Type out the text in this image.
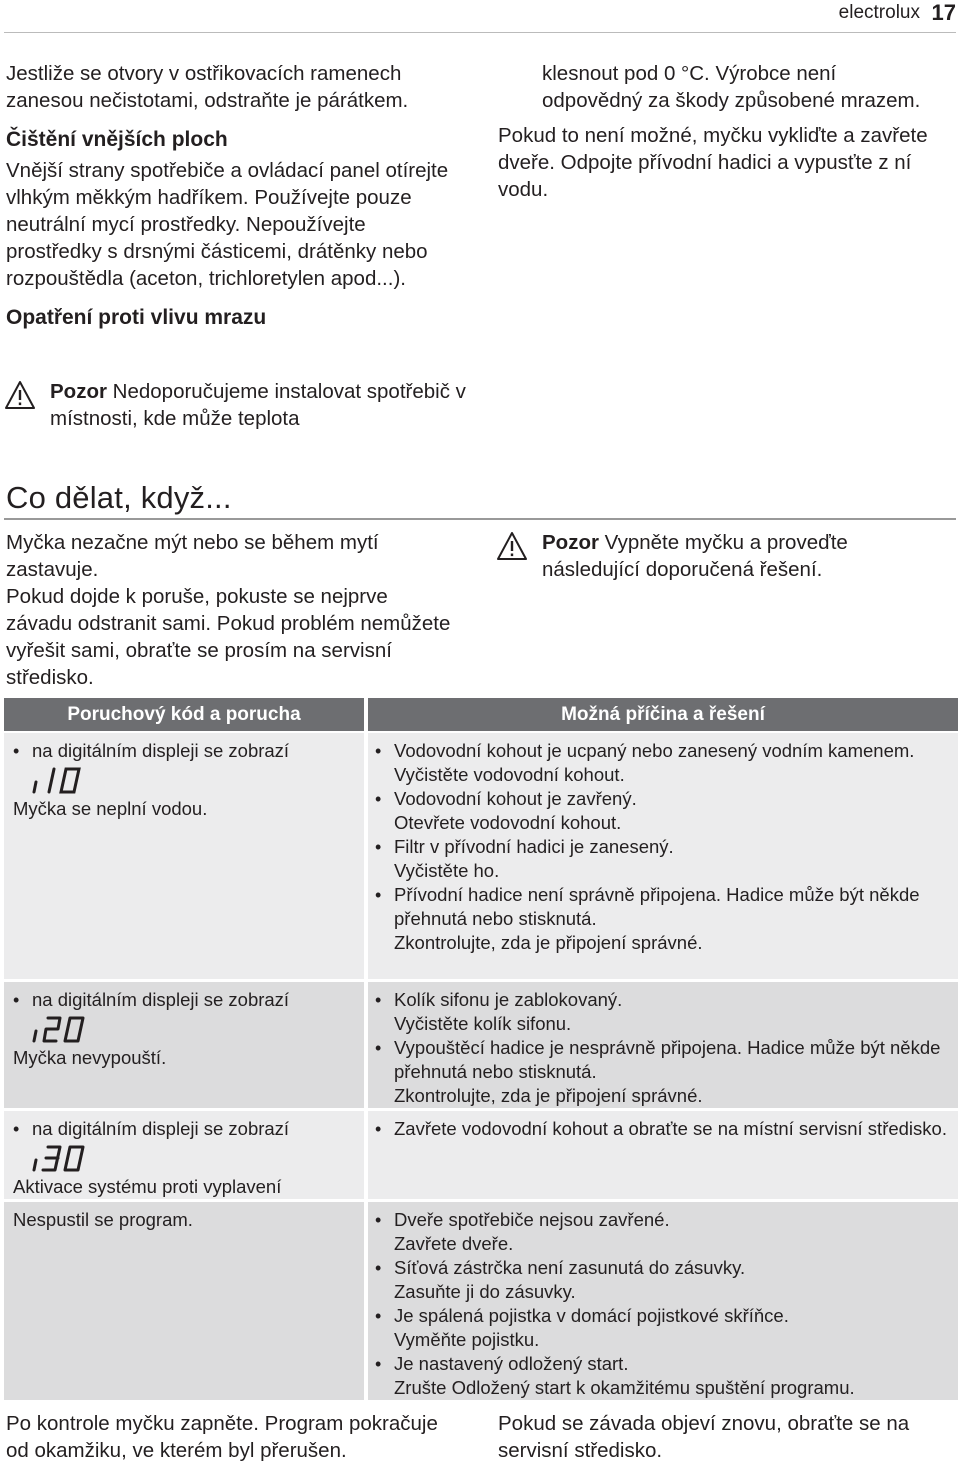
electrolux 17

Jestliže se otvory v ostřikovacích ramenech zanesou nečistotami, odstraňte je párátkem.

Čištění vnějších ploch

Vnější strany spotřebiče a ovládací panel otírejte vlhkým měkkým hadříkem. Používejte pouze neutrální mycí prostředky. Nepoužívejte prostředky s drsnými částicemi, drátěnky nebo rozpouštědla (aceton, trichloretylen apod...).

Opatření proti vlivu mrazu

Pozor Nedoporučujeme instalovat spotřebič v místnosti, kde může teplota

klesnout pod 0 °C. Výrobce není odpovědný za škody způsobené mrazem.

Pokud to není možné, myčku vykliďte a zavřete dveře. Odpojte přívodní hadici a vypusťte z ní vodu.

Co dělat, když...

Myčka nezačne mýt nebo se během mytí zastavuje.

Pokud dojde k poruše, pokuste se nejprve závadu odstranit sami. Pokud problém nemůžete vyřešit sami, obraťte se prosím na servisní středisko.

Pozor Vypněte myčku a proveďte následující doporučená řešení.
Poruchový kód a porucha	Možná příčina a řešení
• na digitálním displeji se zobrazí
Myčka se neplní vodou.
• Vodovodní kohout je ucpaný nebo zanesený vodním kamenem.
Vyčistěte vodovodní kohout.
• Vodovodní kohout je zavřený.
Otevřete vodovodní kohout.
• Filtr v přívodní hadici je zanesený.
Vyčistěte ho.
• Přívodní hadice není správně připojena. Hadice může být někde přehnutá nebo stisknutá.
Zkontrolujte, zda je připojení správné.
• na digitálním displeji se zobrazí
Myčka nevypouští.
• Kolík sifonu je zablokovaný.
Vyčistěte kolík sifonu.
• Vypouštěcí hadice je nesprávně připojena. Hadice může být někde přehnutá nebo stisknutá.
Zkontrolujte, zda je připojení správné.
• na digitálním displeji se zobrazí
Aktivace systému proti vyplavení
• Zavřete vodovodní kohout a obraťte se na místní servisní středisko.
Nespustil se program.
•	Dveře spotřebiče nejsou zavřené.
Zavřete dveře.
• Síťová zástrčka není zasunutá do zásuvky.
Zasuňte ji do zásuvky.
• Je spálená pojistka v domácí pojistkové skříňce.
Vyměňte pojistku.
• Je nastavený odložený start.
Zrušte Odložený start k okamžitému spuštění programu.
Po kontrole myčku zapněte. Program pokračuje od okamžiku, ve kterém byl přerušen.
Pokud se závada objeví znovu, obraťte se na servisní středisko.
